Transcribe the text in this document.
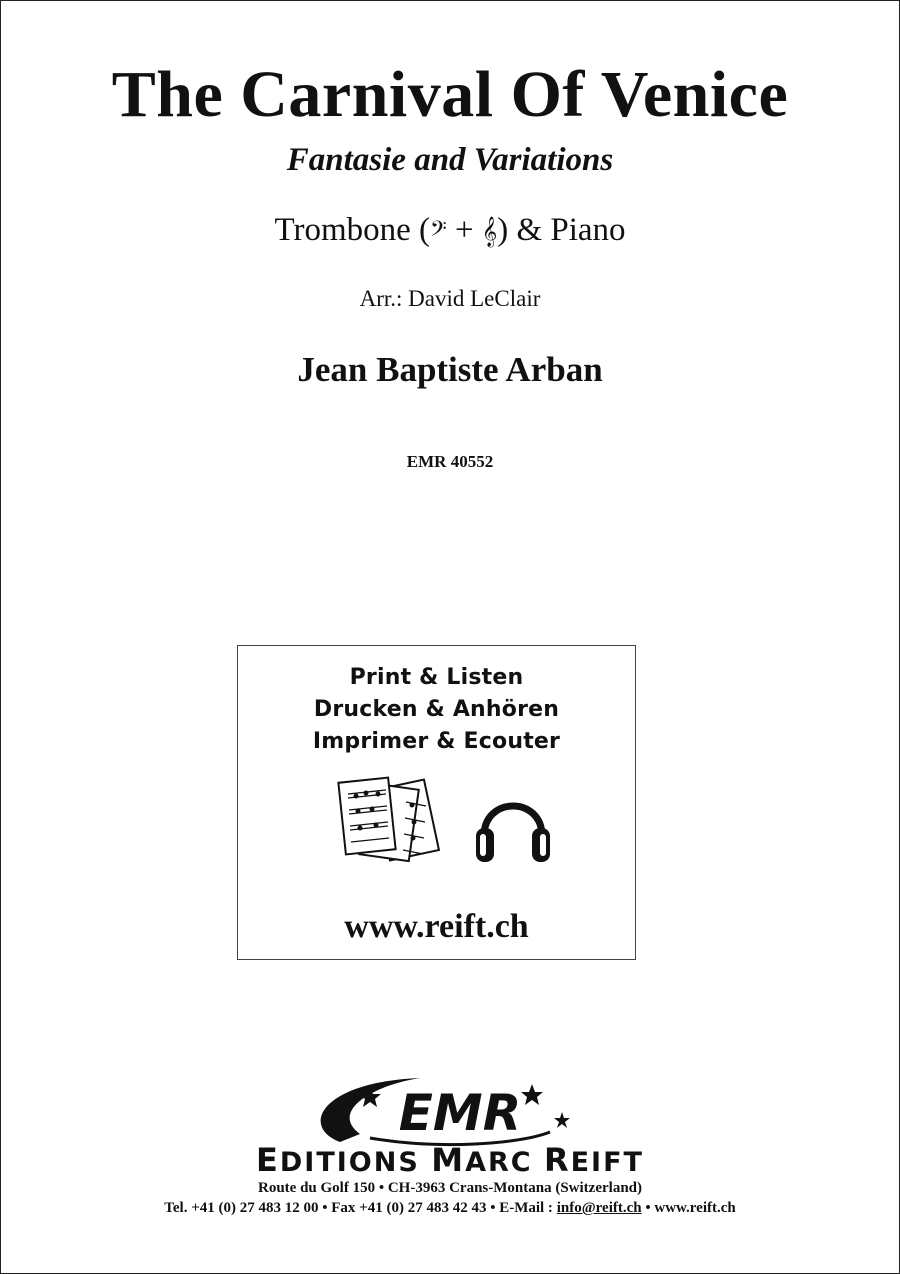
The Carnival Of Venice
Fantasie and Variations
Trombone (𝄢 + 𝄞) & Piano
Arr.: David LeClair
Jean Baptiste Arban
EMR 40552
Print & Listen
Drucken & Anhören
Imprimer & Ecouter
www.reift.ch
EMR
EDITIONS MARC REIFT
Route du Golf 150 • CH-3963 Crans-Montana (Switzerland)
Tel. +41 (0) 27 483 12 00 • Fax +41 (0) 27 483 42 43 • E-Mail : info@reift.ch • www.reift.ch
